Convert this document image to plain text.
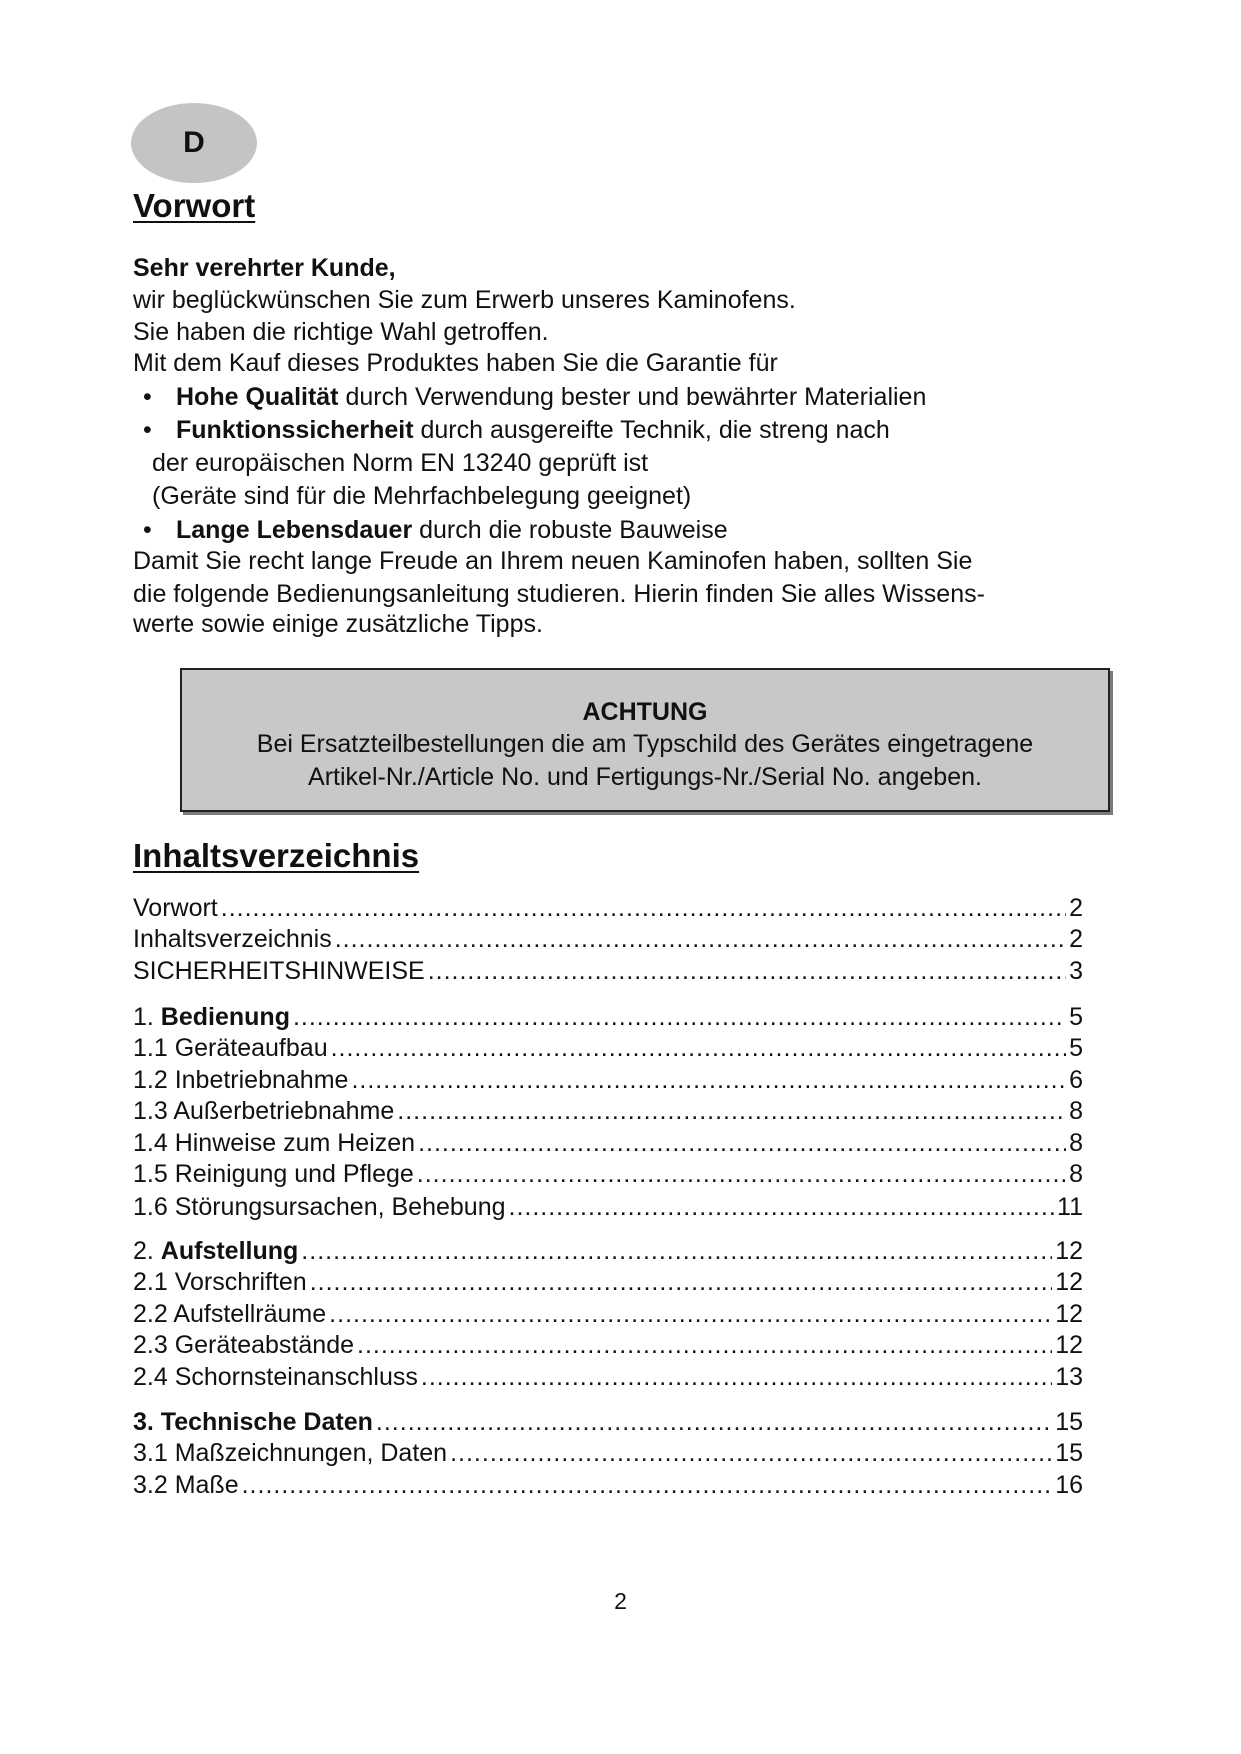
D
Vorwort
Sehr verehrter Kunde,
wir beglückwünschen Sie zum Erwerb unseres Kaminofens.
Sie haben die richtige Wahl getroffen.
Mit dem Kauf dieses Produktes haben Sie die Garantie für
• Hohe Qualität durch Verwendung bester und bewährter Materialien
• Funktionssicherheit durch ausgereifte Technik, die streng nach
der europäischen Norm EN 13240 geprüft ist
(Geräte sind für die Mehrfachbelegung geeignet)
• Lange Lebensdauer durch die robuste Bauweise
Damit Sie recht lange Freude an Ihrem neuen Kaminofen haben, sollten Sie
die folgende Bedienungsanleitung studieren. Hierin finden Sie alles Wissens-
werte sowie einige zusätzliche Tipps.
ACHTUNG
Bei Ersatzteilbestellungen die am Typschild des Gerätes eingetragene
Artikel-Nr./Article No. und Fertigungs-Nr./Serial No. angeben.
Inhaltsverzeichnis
Vorwort .....	2
Inhaltsverzeichnis .....	2
SICHERHEITSHINWEISE .....	3
1. Bedienung .....	5
1.1 Geräteaufbau .....	5
1.2 Inbetriebnahme .....	6
1.3 Außerbetriebnahme .....	8
1.4 Hinweise zum Heizen .....	8
1.5 Reinigung und Pflege .....	8
1.6 Störungsursachen, Behebung .....	11
2. Aufstellung .....	12
2.1 Vorschriften .....	12
2.2 Aufstellräume .....	12
2.3 Geräteabstände .....	12
2.4 Schornsteinanschluss .....	13
3. Technische Daten .....	15
3.1 Maßzeichnungen, Daten .....	15
3.2 Maße .....	16
2
